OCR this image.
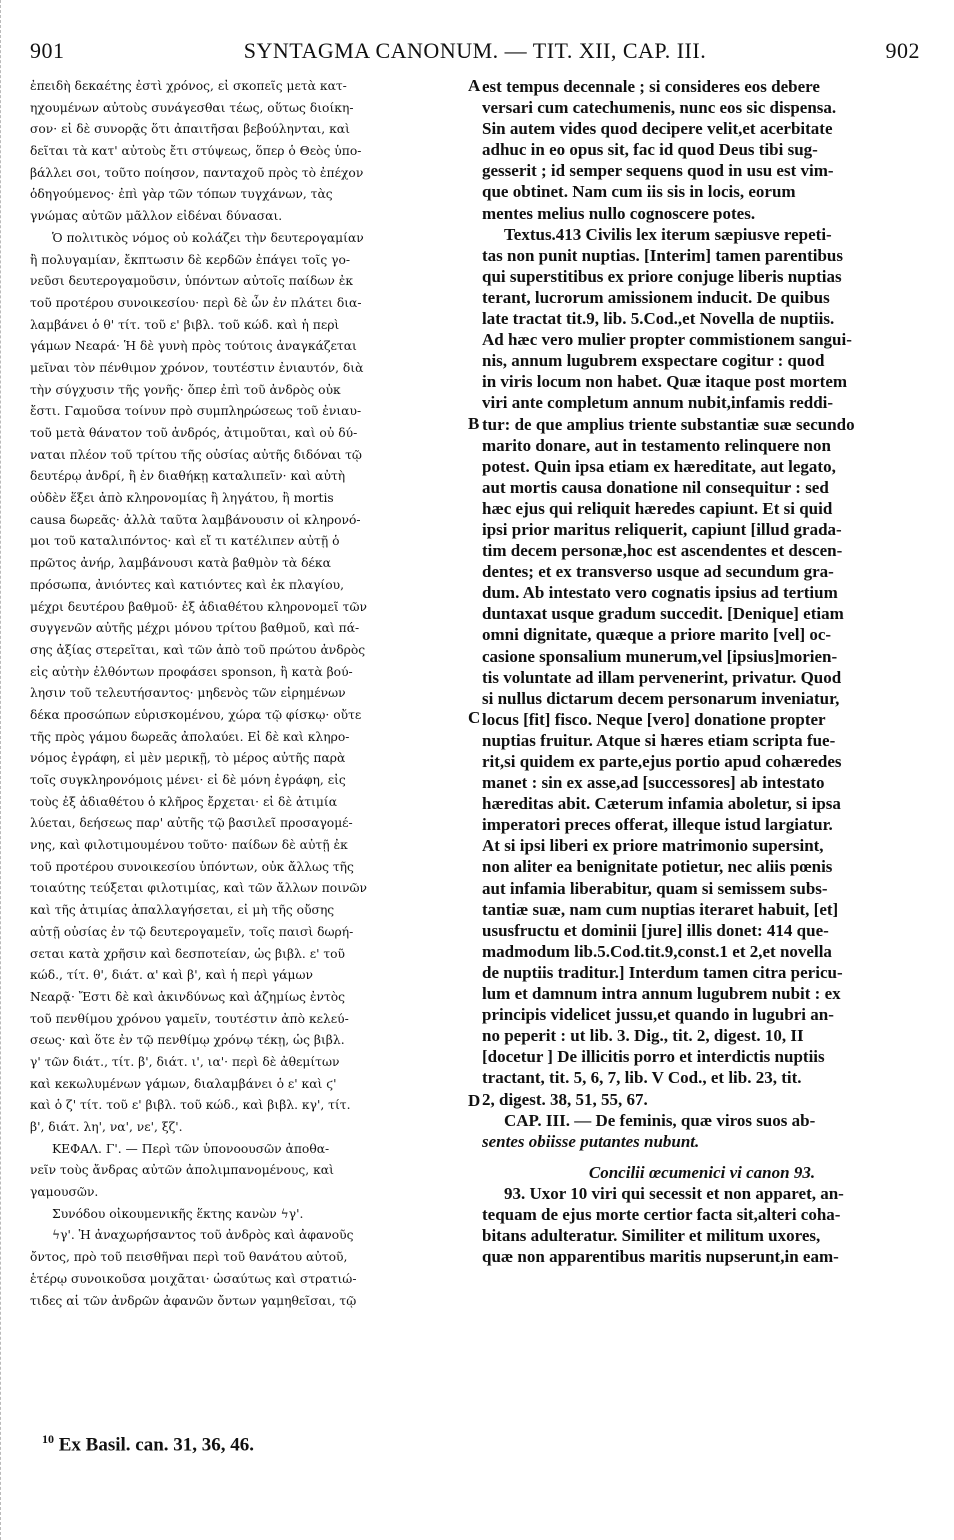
901	SYNTAGMA CANONUM. — TIT. XII, CAP. III.	902
ἐπειδὴ δεκαέτης ἐστὶ χρόνος, εἰ σκοπεῖς μετὰ κατ-
ηχουμένων αὐτοὺς συνάγεσθαι τέως, οὕτως διοίκη-
σον· εἰ δὲ συνορᾷς ὅτι ἀπαιτῆσαι βεβούληνται, καὶ
δεῖται τὰ κατ' αὐτοὺς ἔτι στύψεως, ὅπερ ὁ Θεὸς ὑπο-
βάλλει σοι, τοῦτο ποίησον, πανταχοῦ πρὸς τὸ ἐπέχον
ὁδηγούμενος· ἐπὶ γὰρ τῶν τόπων τυγχάνων, τὰς
γνώμας αὐτῶν μᾶλλον εἰδέναι δύνασαι.
Ὁ πολιτικὸς νόμος οὐ κολάζει τὴν δευτερογαμίαν
ἢ πολυγαμίαν, ἔκπτωσιν δὲ κερδῶν ἐπάγει τοῖς γο-
νεῦσι δευτερογαμοῦσιν, ὑπόντων αὐτοῖς παίδων ἐκ
τοῦ προτέρου συνοικεσίου· περὶ δὲ ὧν ἐν πλάτει δια-
λαμβάνει ὁ θ' τίτ. τοῦ ε' βιβλ. τοῦ κώδ. καὶ ἡ περὶ
γάμων Νεαρά· Ἡ δὲ γυνὴ πρὸς τούτοις ἀναγκάζεται
μεῖναι τὸν πένθιμον χρόνον, τουτέστιν ἐνιαυτόν, διὰ
τὴν σύγχυσιν τῆς γονῆς· ὅπερ ἐπὶ τοῦ ἀνδρὸς οὐκ
ἔστι. Γαμοῦσα τοίνυν πρὸ συμπληρώσεως τοῦ ἐνιαυ-
τοῦ μετὰ θάνατον τοῦ ἀνδρός, ἀτιμοῦται, καὶ οὐ δύ-
ναται πλέον τοῦ τρίτου τῆς οὐσίας αὐτῆς διδόναι τῷ
δευτέρῳ ἀνδρί, ἢ ἐν διαθήκῃ καταλιπεῖν· καὶ αὐτὴ
οὐδὲν ἕξει ἀπὸ κληρονομίας ἢ ληγάτου, ἢ mortis
causa δωρεᾶς· ἀλλὰ ταῦτα λαμβάνουσιν οἱ κληρονό-
μοι τοῦ καταλιπόντος· καὶ εἴ τι κατέλιπεν αὐτῇ ὁ
πρῶτος ἀνήρ, λαμβάνουσι κατὰ βαθμὸν τὰ δέκα
πρόσωπα, ἀνιόντες καὶ κατιόντες καὶ ἐκ πλαγίου,
μέχρι δευτέρου βαθμοῦ· ἐξ ἀδιαθέτου κληρονομεῖ τῶν
συγγενῶν αὐτῆς μέχρι μόνου τρίτου βαθμοῦ, καὶ πά-
σης ἀξίας στερεῖται, καὶ τῶν ἀπὸ τοῦ πρώτου ἀνδρὸς
εἰς αὐτὴν ἐλθόντων προφάσει sponson, ἢ κατὰ βού-
λησιν τοῦ τελευτήσαντος· μηδενὸς τῶν εἰρημένων
δέκα προσώπων εὑρισκομένου, χώρα τῷ φίσκῳ· οὔτε
τῆς πρὸς γάμου δωρεᾶς ἀπολαύει. Εἰ δὲ καὶ κληρο-
νόμος ἐγράφη, εἰ μὲν μερικῇ, τὸ μέρος αὐτῆς παρὰ
τοῖς συγκληρονόμοις μένει· εἰ δὲ μόνη ἐγράφη, εἰς
τοὺς ἐξ ἀδιαθέτου ὁ κλῆρος ἔρχεται· εἰ δὲ ἀτιμία
λύεται, δεήσεως παρ' αὐτῆς τῷ βασιλεῖ προσαγομέ-
νης, καὶ φιλοτιμουμένου τοῦτο· παίδων δὲ αὐτῇ ἐκ
τοῦ προτέρου συνοικεσίου ὑπόντων, οὐκ ἄλλως τῆς
τοιαύτης τεύξεται φιλοτιμίας, καὶ τῶν ἄλλων ποινῶν
καὶ τῆς ἀτιμίας ἀπαλλαγήσεται, εἰ μὴ τῆς οὔσης
αὐτῇ οὐσίας ἐν τῷ δευτερογαμεῖν, τοῖς παισὶ δωρή-
σεται κατὰ χρῆσιν καὶ δεσποτείαν, ὡς βιβλ. ε' τοῦ
κώδ., τίτ. θ', διάτ. α' καὶ β', καὶ ἡ περὶ γάμων
Νεαρᾷ· Ἔστι δὲ καὶ ἀκινδύνως καὶ ἀζημίως ἐντὸς
τοῦ πενθίμου χρόνου γαμεῖν, τουτέστιν ἀπὸ κελεύ-
σεως· καὶ ὅτε ἐν τῷ πενθίμῳ χρόνῳ τέκῃ, ὡς βιβλ.
γ' τῶν διάτ., τίτ. β', διάτ. ι', ια'· περὶ δὲ ἀθεμίτων
καὶ κεκωλυμένων γάμων, διαλαμβάνει ὁ ε' καὶ ϛ'
καὶ ὁ ζ' τίτ. τοῦ ε' βιβλ. τοῦ κώδ., καὶ βιβλ. κγ', τίτ.
β', διάτ. λη', να', νε', ξζ'.
ΚΕΦΑΛ. Γ'. — Περὶ τῶν ὑπονοουσῶν ἀποθα-
νεῖν τοὺς ἄνδρας αὐτῶν ἀπολιμπανομένους, καὶ
γαμουσῶν.
Συνόδου οἰκουμενικῆς ἕκτης κανὼν ϟγ'.
ϟγ'. Ἡ ἀναχωρήσαντος τοῦ ἀνδρὸς καὶ ἀφανοῦς
ὄντος, πρὸ τοῦ πεισθῆναι περὶ τοῦ θανάτου αὐτοῦ,
ἑτέρῳ συνοικοῦσα μοιχᾶται· ὡσαύτως καὶ στρατιώ-
τιδες αἱ τῶν ἀνδρῶν ἀφανῶν ὄντων γαμηθεῖσαι, τῷ
est tempus decennale ; si consideres eos debere
versari cum catechumenis, nunc eos sic dispensa.
Sin autem vides quod decipere velit,et acerbitate
adhuc in eo opus sit, fac id quod Deus tibi sug-
gesserit ; id semper sequens quod in usu est vim-
que obtinet. Nam cum iis sis in locis, eorum
mentes melius nullo cognoscere potes.
Textus.413 Civilis lex iterum sæpiusve repeti-
tas non punit nuptias. [Interim] tamen parentibus
qui superstitibus ex priore conjuge liberis nuptias
terant, lucrorum amissionem inducit. De quibus
late tractat tit.9, lib. 5.Cod.,et Novella de nuptiis.
Ad hæc vero mulier propter commistionem sangui-
nis, annum lugubrem exspectare cogitur : quod
in viris locum non habet. Quæ itaque post mortem
viri ante completum annum nubit,infamis reddi-
tur: de que amplius triente substantiæ suæ secundo
marito donare, aut in testamento relinquere non
potest. Quin ipsa etiam ex hæreditate, aut legato,
aut mortis causa donatione nil consequitur : sed
hæc ejus qui reliquit hæredes capiunt. Et si quid
ipsi prior maritus reliquerit, capiunt [illud grada-
tim decem personæ,hoc est ascendentes et descen-
dentes; et ex transverso usque ad secundum gra-
dum. Ab intestato vero cognatis ipsius ad tertium
duntaxat usque gradum succedit. [Denique] etiam
omni dignitate, quæque a priore marito [vel] oc-
casione sponsalium munerum,vel [ipsius]morien-
tis voluntate ad illam pervenerint, privatur. Quod
si nullus dictarum decem personarum inveniatur,
locus [fit] fisco. Neque [vero] donatione propter
nuptias fruitur. Atque si hæres etiam scripta fue-
rit,si quidem ex parte,ejus portio apud cohæredes
manet : sin ex asse,ad [successores] ab intestato
hæreditas abit. Cæterum infamia aboletur, si ipsa
imperatori preces offerat, illeque istud largiatur.
At si ipsi liberi ex priore matrimonio supersint,
non aliter ea benignitate potietur, nec aliis pœnis
aut infamia liberabitur, quam si semissem subs-
tantiæ suæ, nam cum nuptias iteraret habuit, [et]
ususfructu et dominii [jure] illis donet: 414 que-
madmodum lib.5.Cod.tit.9,const.1 et 2,et novella
de nuptiis traditur.] Interdum tamen citra pericu-
lum et damnum intra annum lugubrem nubit : ex
principis videlicet jussu,et quando in lugubri an-
no peperit : ut lib. 3. Dig., tit. 2, digest. 10, II
[docetur ] De illicitis porro et interdictis nuptiis
tractant, tit. 5, 6, 7, lib. V Cod., et lib. 23, tit.
2, digest. 38, 51, 55, 67.
CAP. III. — De feminis, quæ viros suos ab-
sentes obiisse putantes nubunt.
Concilii œcumenici vi canon 93.
93. Uxor 10 viri qui secessit et non apparet, an-
tequam de ejus morte certior facta sit,alteri coha-
bitans adulteratur. Similiter et militum uxores,
quæ non apparentibus maritis nupserunt,in eam-
A
B
C
D
$^{10}$ Ex Basil. can. 31, 36, 46.
